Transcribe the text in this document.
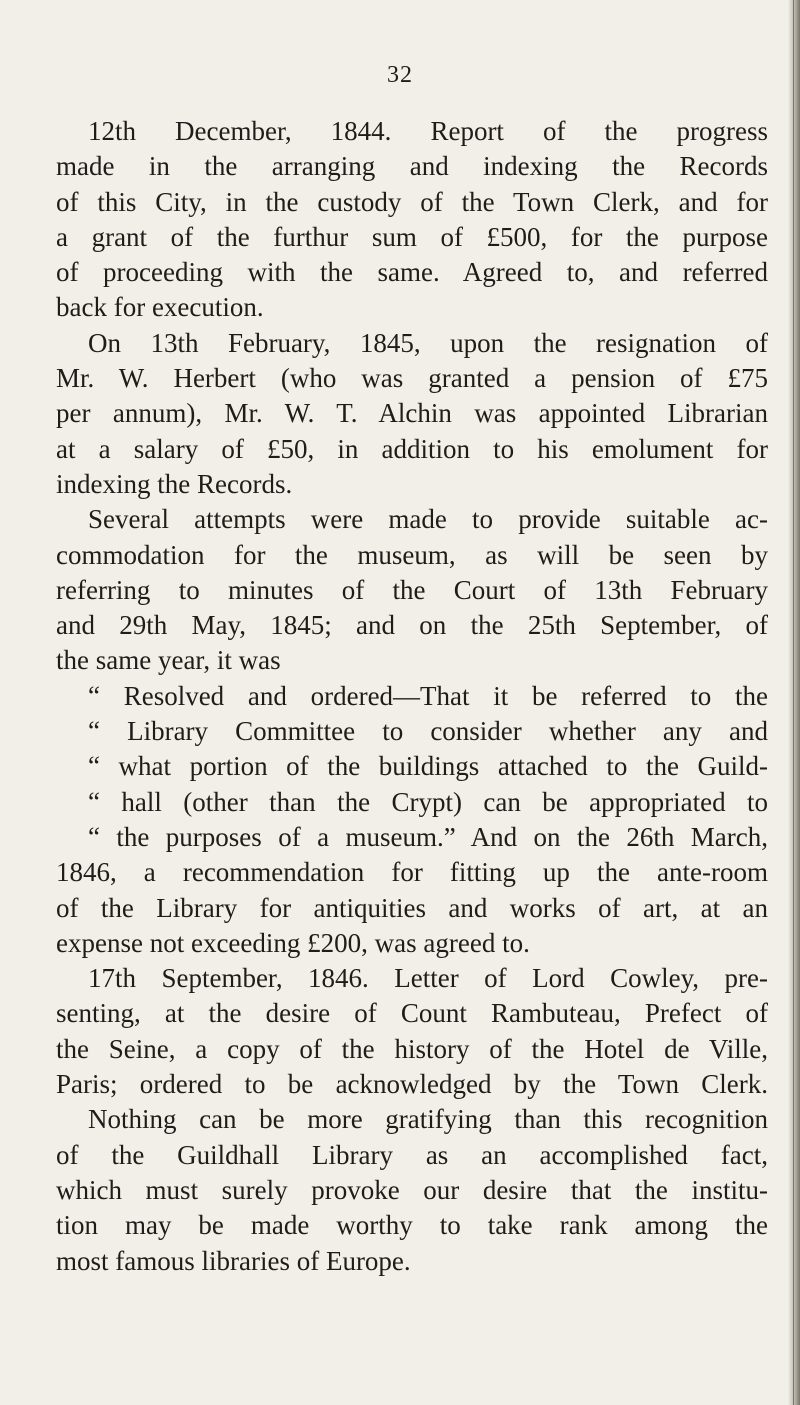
32
12th December, 1844. Report of the progress
made in the arranging and indexing the Records
of this City, in the custody of the Town Clerk, and for
a grant of the furthur sum of £500, for the purpose
of proceeding with the same. Agreed to, and referred
back for execution.
On 13th February, 1845, upon the resignation of
Mr. W. Herbert (who was granted a pension of £75
per annum), Mr. W. T. Alchin was appointed Librarian
at a salary of £50, in addition to his emolument for
indexing the Records.
Several attempts were made to provide suitable ac-
commodation for the museum, as will be seen by
referring to minutes of the Court of 13th February
and 29th May, 1845; and on the 25th September, of
the same year, it was
“ Resolved and ordered—That it be referred to the
“ Library Committee to consider whether any and
“ what portion of the buildings attached to the Guild-
“ hall (other than the Crypt) can be appropriated to
“ the purposes of a museum.” And on the 26th March,
1846, a recommendation for fitting up the ante-room
of the Library for antiquities and works of art, at an
expense not exceeding £200, was agreed to.
17th September, 1846. Letter of Lord Cowley, pre-
senting, at the desire of Count Rambuteau, Prefect of
the Seine, a copy of the history of the Hotel de Ville,
Paris; ordered to be acknowledged by the Town Clerk.
Nothing can be more gratifying than this recognition
of the Guildhall Library as an accomplished fact,
which must surely provoke our desire that the institu-
tion may be made worthy to take rank among the
most famous libraries of Europe.
